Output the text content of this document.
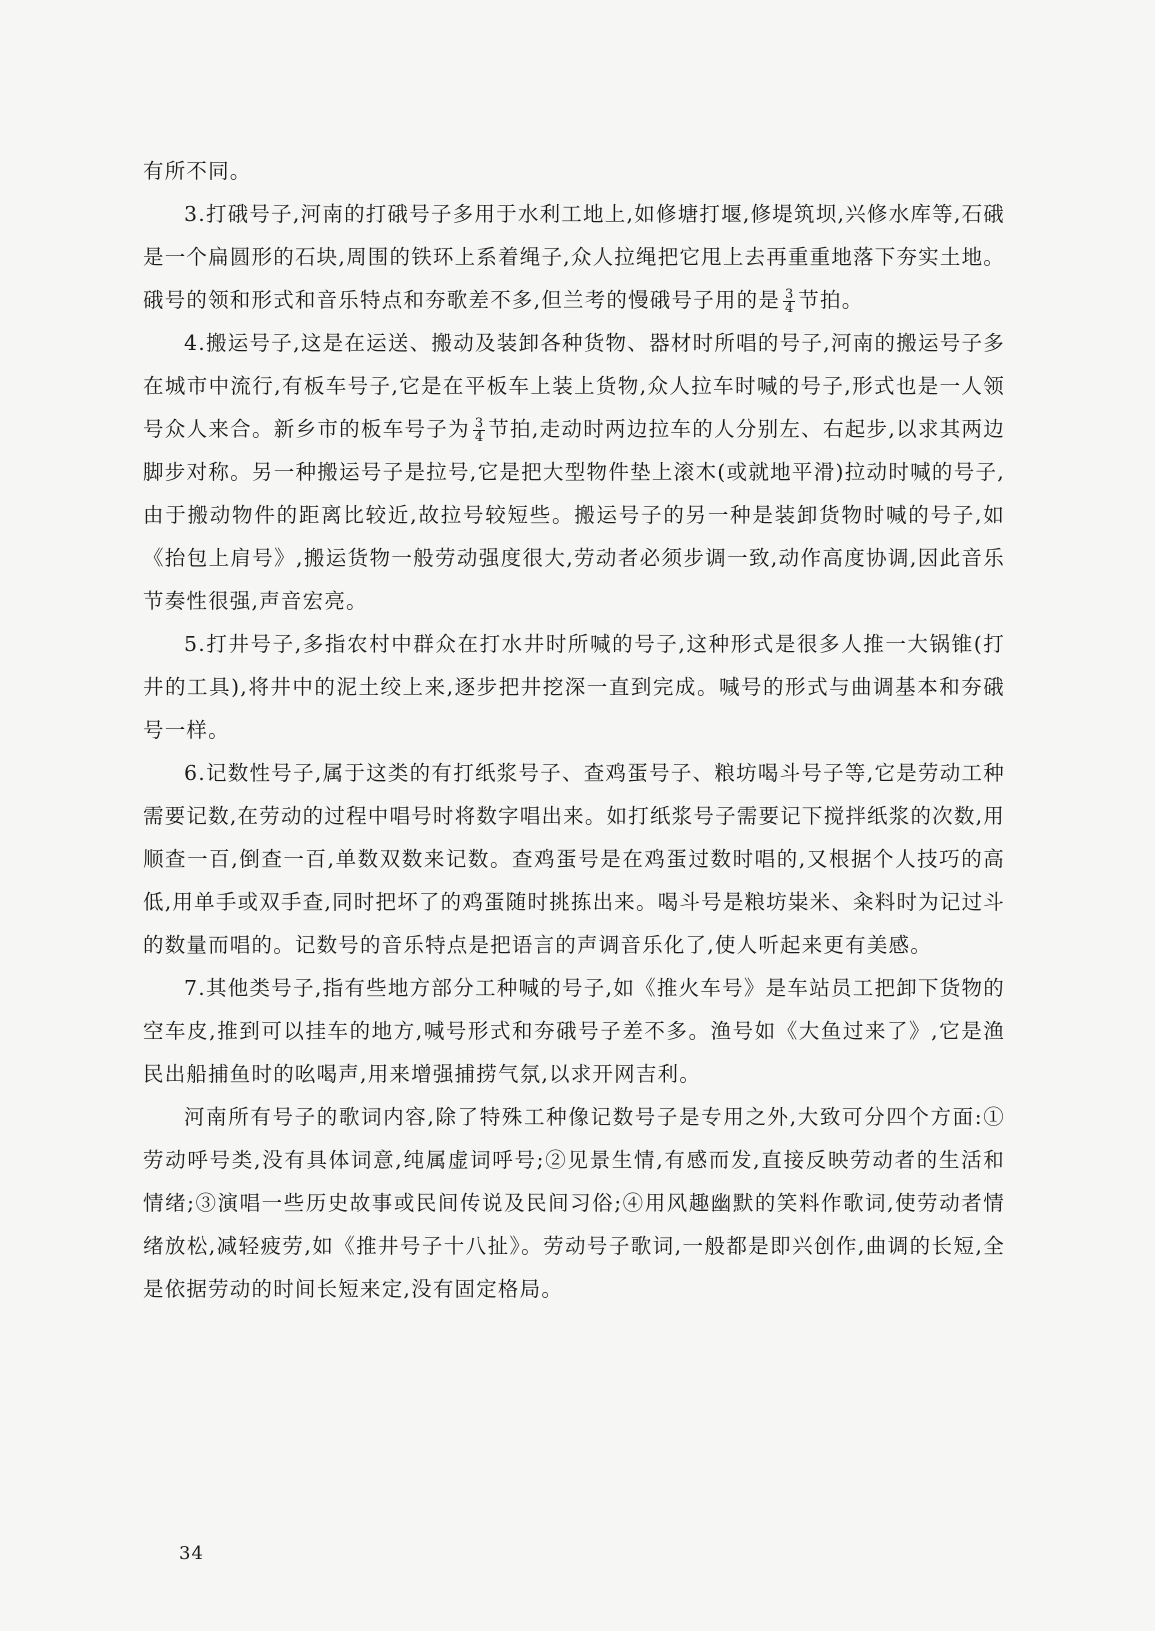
有所不同。

3.打硪号子,河南的打硪号子多用于水利工地上,如修塘打堰,修堤筑坝,兴修水库等,石硪是一个扁圆形的石块,周围的铁环上系着绳子,众人拉绳把它甩上去再重重地落下夯实土地。硪号的领和形式和音乐特点和夯歌差不多,但兰考的慢硪号子用的是 $\frac{3}{4}$ 节拍。

4.搬运号子,这是在运送、搬动及装卸各种货物、器材时所唱的号子,河南的搬运号子多在城市中流行,有板车号子,它是在平板车上装上货物,众人拉车时喊的号子,形式也是一人领号众人来合。新乡市的板车号子为 $\frac{3}{4}$ 节拍,走动时两边拉车的人分别左、右起步,以求其两边脚步对称。另一种搬运号子是拉号,它是把大型物件垫上滚木(或就地平滑)拉动时喊的号子,由于搬动物件的距离比较近,故拉号较短些。搬运号子的另一种是装卸货物时喊的号子,如《抬包上肩号》,搬运货物一般劳动强度很大,劳动者必须步调一致,动作高度协调,因此音乐节奏性很强,声音宏亮。

5.打井号子,多指农村中群众在打水井时所喊的号子,这种形式是很多人推一大锅锥(打井的工具),将井中的泥土绞上来,逐步把井挖深一直到完成。喊号的形式与曲调基本和夯硪号一样。

6.记数性号子,属于这类的有打纸浆号子、查鸡蛋号子、粮坊喝斗号子等,它是劳动工种需要记数,在劳动的过程中唱号时将数字唱出来。如打纸浆号子需要记下搅拌纸浆的次数,用顺查一百,倒查一百,单数双数来记数。查鸡蛋号是在鸡蛋过数时唱的,又根据个人技巧的高低,用单手或双手查,同时把坏了的鸡蛋随时挑拣出来。喝斗号是粮坊粜米、籴料时为记过斗的数量而唱的。记数号的音乐特点是把语言的声调音乐化了,使人听起来更有美感。

7.其他类号子,指有些地方部分工种喊的号子,如《推火车号》是车站员工把卸下货物的空车皮,推到可以挂车的地方,喊号形式和夯硪号子差不多。渔号如《大鱼过来了》,它是渔民出船捕鱼时的吆喝声,用来增强捕捞气氛,以求开网吉利。

河南所有号子的歌词内容,除了特殊工种像记数号子是专用之外,大致可分四个方面:①劳动呼号类,没有具体词意,纯属虚词呼号;②见景生情,有感而发,直接反映劳动者的生活和情绪;③演唱一些历史故事或民间传说及民间习俗;④用风趣幽默的笑料作歌词,使劳动者情绪放松,减轻疲劳,如《推井号子十八扯》。劳动号子歌词,一般都是即兴创作,曲调的长短,全是依据劳动的时间长短来定,没有固定格局。

34
